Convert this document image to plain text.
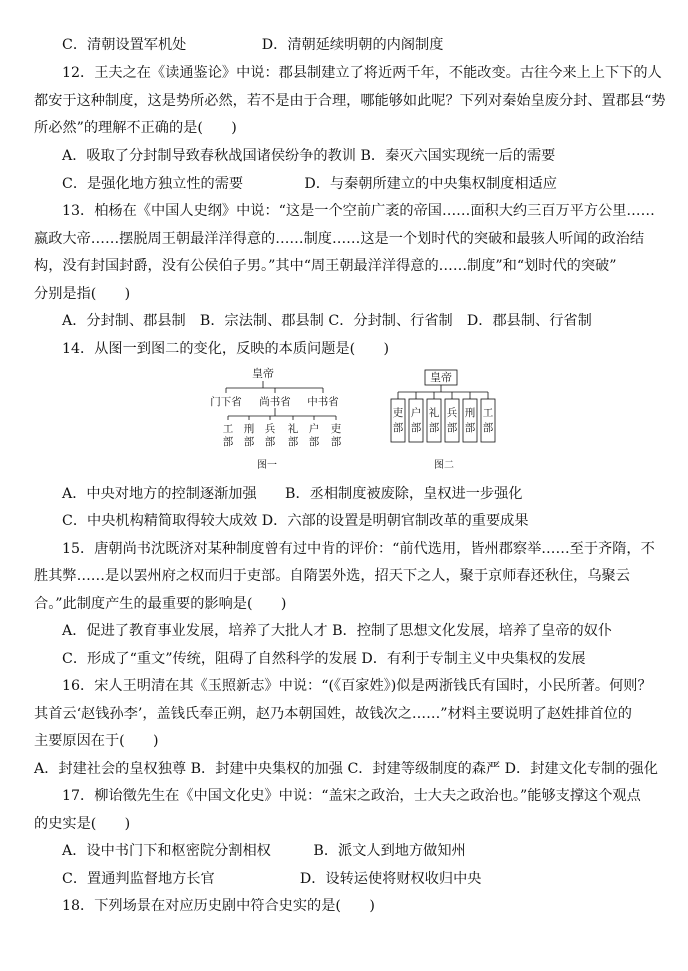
C．清朝设置军机处　　　　　 D．清朝延续明朝的内阁制度
12．王夫之在《读通鉴论》中说：郡县制建立了将近两千年，不能改变。古往今来上上下下的人
都安于这种制度，这是势所必然，若不是由于合理，哪能够如此呢？下列对秦始皇废分封、置郡县“势
所必然”的理解不正确的是(　　)
A．吸取了分封制导致春秋战国诸侯纷争的教训 B．秦灭六国实现统一后的需要
C．是强化地方独立性的需要　　　　 D．与秦朝所建立的中央集权制度相适应
13．柏杨在《中国人史纲》中说：“这是一个空前广袤的帝国……面积大约三百万平方公里……
嬴政大帝……摆脱周王朝最洋洋得意的……制度……这是一个划时代的突破和最骇人听闻的政治结
构，没有封国封爵，没有公侯伯子男。”其中“周王朝最洋洋得意的……制度”和“划时代的突破”
分别是指(　　)
A．分封制、郡县制　B．宗法制、郡县制 C．分封制、行省制　D．郡县制、行省制
14．从图一到图二的变化，反映的本质问题是(　　)
皇帝
门下省 尚书省 中书省
工部
刑部
兵部
礼部
户部
吏部
图一
皇帝
吏部
户部
礼部
兵部
刑部
工部
图二
A．中央对地方的控制逐渐加强　　B．丞相制度被废除，皇权进一步强化
C．中央机构精简取得较大成效 D．六部的设置是明朝官制改革的重要成果
15．唐朝尚书沈既济对某种制度曾有过中肯的评价：“前代选用，皆州郡察举……至于齐隋，不
胜其弊……是以罢州府之权而归于吏部。自隋罢外选，招天下之人，聚于京师春还秋住，乌聚云
合。”此制度产生的最重要的影响是(　　)
A．促进了教育事业发展，培养了大批人才 B．控制了思想文化发展，培养了皇帝的奴仆
C．形成了“重文”传统，阻碍了自然科学的发展 D．有利于专制主义中央集权的发展
16．宋人王明清在其《玉照新志》中说：“(《百家姓》)似是两浙钱氏有国时，小民所著。何则？
其首云‘赵钱孙李’，盖钱氏奉正朔，赵乃本朝国姓，故钱次之……”材料主要说明了赵姓排首位的
主要原因在于(　　)
A．封建社会的皇权独尊 B．封建中央集权的加强 C．封建等级制度的森严 D．封建文化专制的强化
17．柳诒徵先生在《中国文化史》中说：“盖宋之政治，士大夫之政治也。”能够支撑这个观点
的史实是(　　)
A．设中书门下和枢密院分割相权　　　B．派文人到地方做知州
C．置通判监督地方长官　　　　　　D．设转运使将财权收归中央
18．下列场景在对应历史剧中符合史实的是(　　)
